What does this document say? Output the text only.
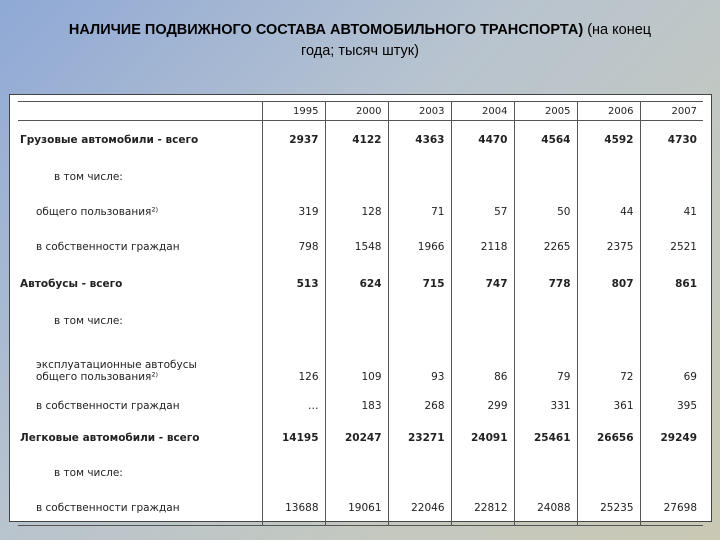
НАЛИЧИЕ ПОДВИЖНОГО СОСТАВА АВТОМОБИЛЬНОГО ТРАНСПОРТА) (на конец года; тысяч штук)
	1995	2000	2003	2004	2005	2006	2007
Грузовые автомобили - всего	2937	4122	4363	4470	4564	4592	4730
в том числе:							
общего пользования²⁾	319	128	71	57	50	44	41
в собственности граждан	798	1548	1966	2118	2265	2375	2521
Автобусы - всего	513	624	715	747	778	807	861
в том числе:							

эксплуатационные автобусы
общего пользования²⁾	126	109	93	86	79	72	69
в собственности граждан	…	183	268	299	331	361	395
Легковые автомобили - всего	14195	20247	23271	24091	25461	26656	29249
в том числе:							
в собственности граждан	13688	19061	22046	22812	24088	25235	27698
